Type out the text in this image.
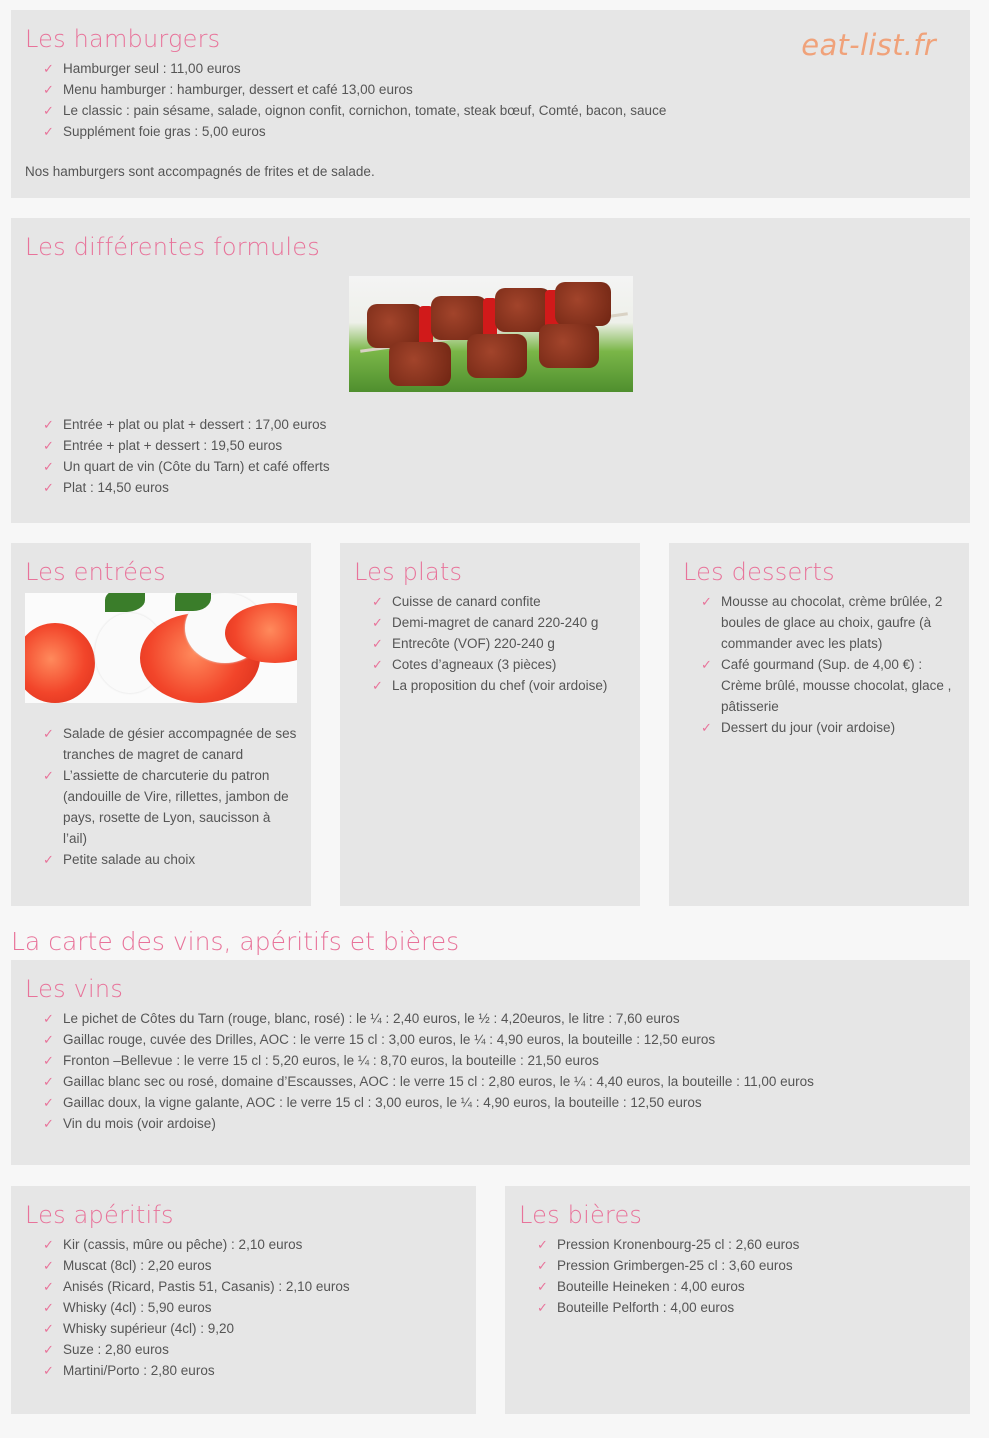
Les hamburgers	eat-list.fr
✓ Hamburger seul : 11,00 euros
✓ Menu hamburger : hamburger, dessert et café 13,00 euros
✓ Le classic : pain sésame, salade, oignon confit, cornichon, tomate, steak bœuf, Comté, bacon, sauce
✓ Supplément foie gras : 5,00 euros

Nos hamburgers sont accompagnés de frites et de salade.

Les différentes formules
✓ Entrée + plat ou plat + dessert : 17,00 euros
✓ Entrée + plat + dessert : 19,50 euros
✓ Un quart de vin (Côte du Tarn) et café offerts
✓ Plat : 14,50 euros
Les entrées
✓ Salade de gésier accompagnée de ses tranches de magret de canard
✓ L’assiette de charcuterie du patron (andouille de Vire, rillettes, jambon de pays, rosette de Lyon, saucisson à l’ail)
✓ Petite salade au choix
Les plats
✓ Cuisse de canard confite
✓ Demi-magret de canard 220-240 g
✓ Entrecôte (VOF) 220-240 g
✓ Cotes d’agneaux (3 pièces)
✓ La proposition du chef (voir ardoise)
Les desserts
✓ Mousse au chocolat, crème brûlée, 2 boules de glace au choix, gaufre (à commander avec les plats)
✓ Café gourmand (Sup. de 4,00 €) : Crème brûlé, mousse chocolat, glace , pâtisserie
✓ Dessert du jour (voir ardoise)
La carte des vins, apéritifs et bières
Les vins
✓ Le pichet de Côtes du Tarn (rouge, blanc, rosé) : le ¼ : 2,40 euros, le ½ : 4,20euros, le litre : 7,60 euros
✓ Gaillac rouge, cuvée des Drilles, AOC : le verre 15 cl : 3,00 euros, le ¼ : 4,90 euros, la bouteille : 12,50 euros
✓ Fronton –Bellevue : le verre 15 cl : 5,20 euros, le ¼ : 8,70 euros, la bouteille : 21,50 euros
✓ Gaillac blanc sec ou rosé, domaine d’Escausses, AOC : le verre 15 cl : 2,80 euros, le ¼ : 4,40 euros, la bouteille : 11,00 euros
✓ Gaillac doux, la vigne galante, AOC : le verre 15 cl : 3,00 euros, le ¼ : 4,90 euros, la bouteille : 12,50 euros
✓ Vin du mois (voir ardoise)
Les apéritifs
✓ Kir (cassis, mûre ou pêche) : 2,10 euros
✓ Muscat (8cl) : 2,20 euros
✓ Anisés (Ricard, Pastis 51, Casanis) : 2,10 euros
✓ Whisky (4cl) : 5,90 euros
✓ Whisky supérieur (4cl) : 9,20
✓ Suze : 2,80 euros
✓ Martini/Porto : 2,80 euros
Les bières
✓ Pression Kronenbourg-25 cl : 2,60 euros
✓ Pression Grimbergen-25 cl : 3,60 euros
✓ Bouteille Heineken : 4,00 euros
✓ Bouteille Pelforth : 4,00 euros
